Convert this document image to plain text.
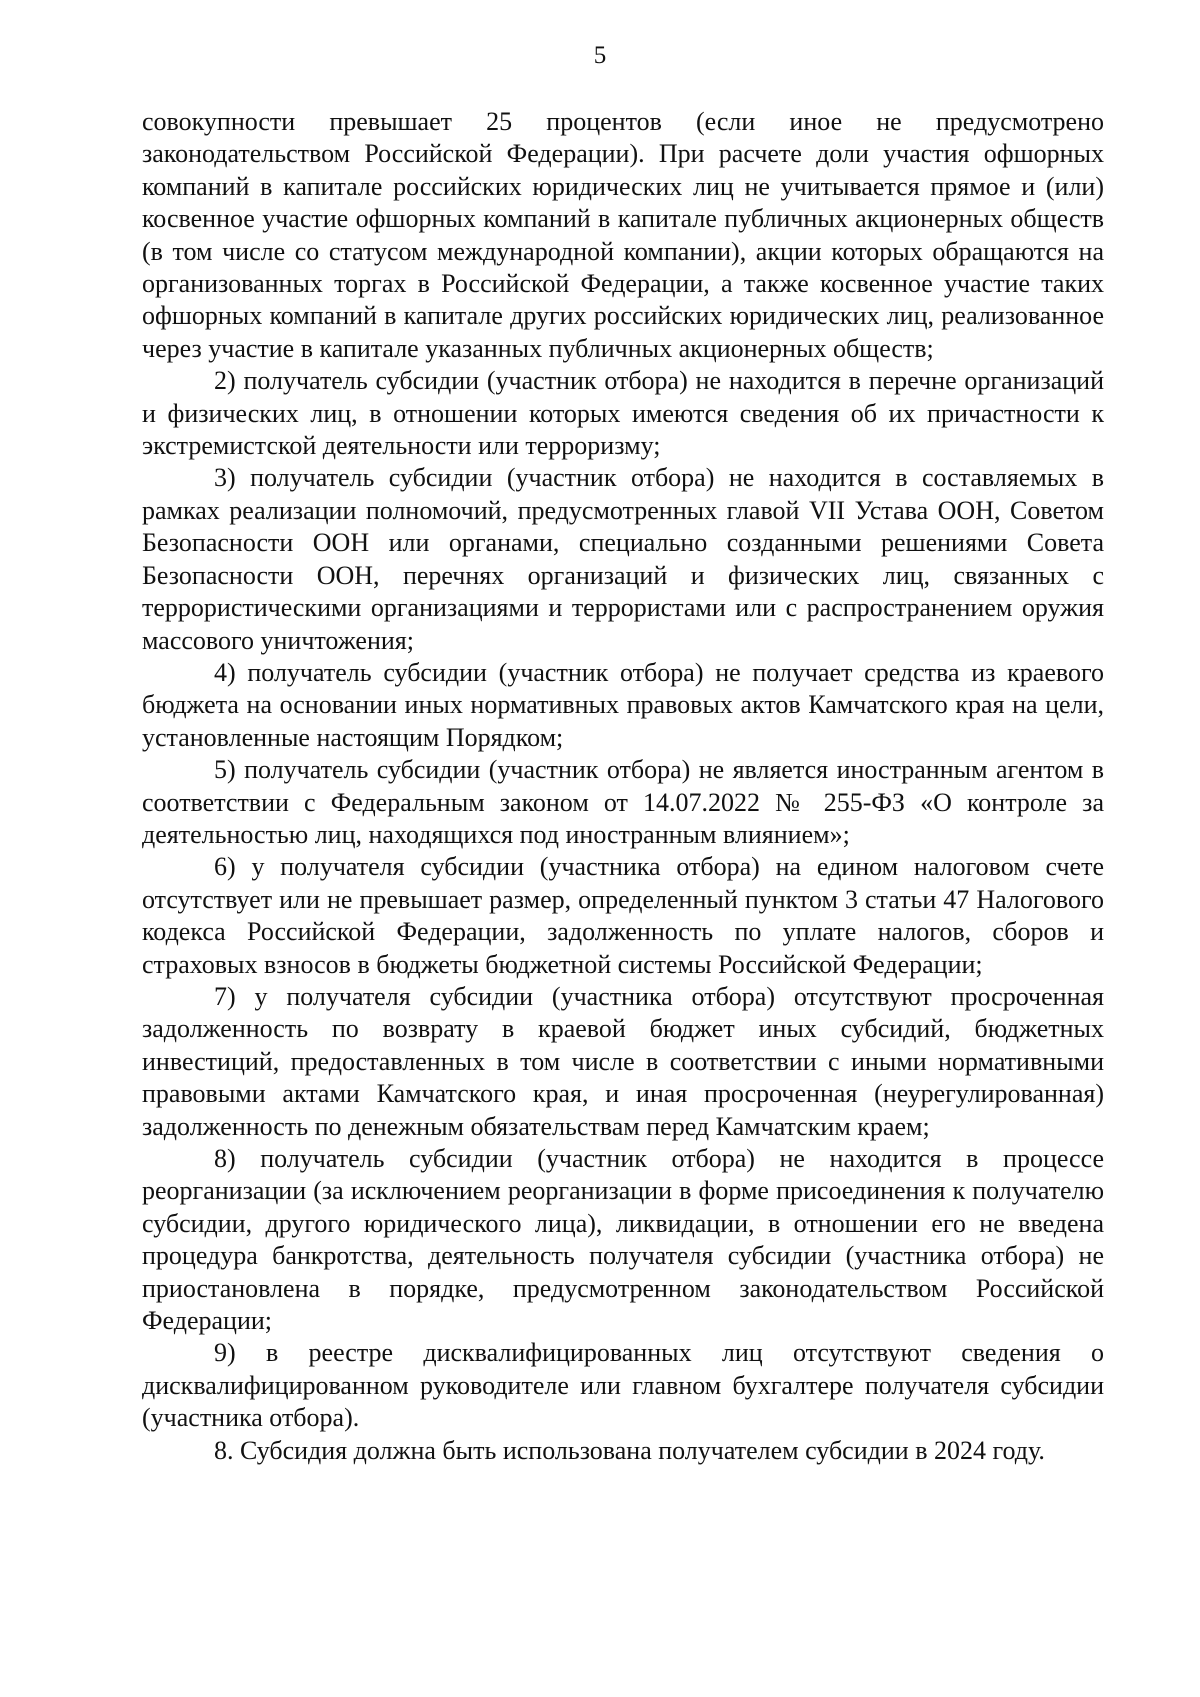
5

совокупности превышает 25 процентов (если иное не предусмотрено законодательством Российской Федерации). При расчете доли участия офшорных компаний в капитале российских юридических лиц не учитывается прямое и (или) косвенное участие офшорных компаний в капитале публичных акционерных обществ (в том числе со статусом международной компании), акции которых обращаются на организованных торгах в Российской Федерации, а также косвенное участие таких офшорных компаний в капитале других российских юридических лиц, реализованное через участие в капитале указанных публичных акционерных обществ;

2) получатель субсидии (участник отбора) не находится в перечне организаций и физических лиц, в отношении которых имеются сведения об их причастности к экстремистской деятельности или терроризму;

3) получатель субсидии (участник отбора) не находится в составляемых в рамках реализации полномочий, предусмотренных главой VII Устава ООН, Советом Безопасности ООН или органами, специально созданными решениями Совета Безопасности ООН, перечнях организаций и физических лиц, связанных с террористическими организациями и террористами или с распространением оружия массового уничтожения;

4) получатель субсидии (участник отбора) не получает средства из краевого бюджета на основании иных нормативных правовых актов Камчатского края на цели, установленные настоящим Порядком;

5) получатель субсидии (участник отбора) не является иностранным агентом в соответствии с Федеральным законом от 14.07.2022 № 255-ФЗ «О контроле за деятельностью лиц, находящихся под иностранным влиянием»;

6) у получателя субсидии (участника отбора) на едином налоговом счете отсутствует или не превышает размер, определенный пунктом 3 статьи 47 Налогового кодекса Российской Федерации, задолженность по уплате налогов, сборов и страховых взносов в бюджеты бюджетной системы Российской Федерации;

7) у получателя субсидии (участника отбора) отсутствуют просроченная задолженность по возврату в краевой бюджет иных субсидий, бюджетных инвестиций, предоставленных в том числе в соответствии с иными нормативными правовыми актами Камчатского края, и иная просроченная (неурегулированная) задолженность по денежным обязательствам перед Камчатским краем;

8) получатель субсидии (участник отбора) не находится в процессе реорганизации (за исключением реорганизации в форме присоединения к получателю субсидии, другого юридического лица), ликвидации, в отношении его не введена процедура банкротства, деятельность получателя субсидии (участника отбора) не приостановлена в порядке, предусмотренном законодательством Российской Федерации;

9) в реестре дисквалифицированных лиц отсутствуют сведения о дисквалифицированном руководителе или главном бухгалтере получателя субсидии (участника отбора).

8. Субсидия должна быть использована получателем субсидии в 2024 году.
